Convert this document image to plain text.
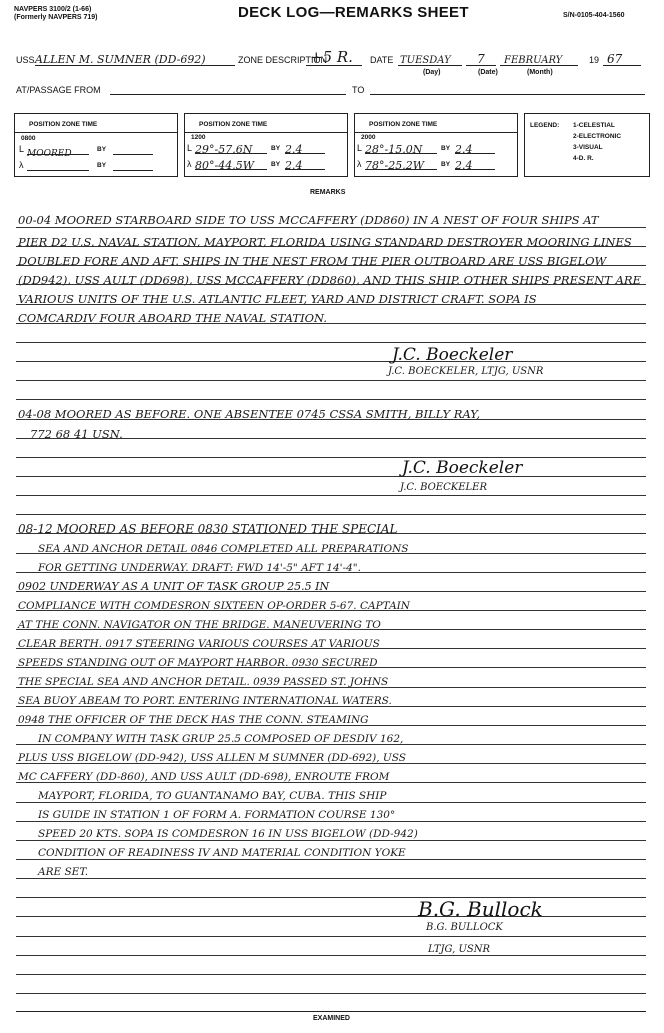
NAVPERS 3100/2 (1-66)
(Formerly NAVPERS 719)	DECK LOG—REMARKS SHEET	S/N-0105-404-1560
USS ALLEN M. SUMNER (DD-692)	ZONE DESCRIPTION
+5 R.	DATE TUESDAY	7	FEBRUARY	19 67
(Day)	(Date)	(Month)
AT/PASSAGE FROM	TO
POSITION ZONE TIME
0800
L MOORED	BY
λ	BY
POSITION ZONE TIME
1200
L 29°-57.6N	BY 2.4
λ 80°-44.5W	BY 2.4
POSITION ZONE TIME
2000
L 28°-15.0N	BY 2.4
λ 78°-25.2W	BY 2.4
LEGEND: 1-CELESTIAL
2-ELECTRONIC
3-VISUAL
4-D. R.
REMARKS
00-04 MOORED STARBOARD SIDE TO USS MCCAFFERY (DD860) IN A NEST OF FOUR SHIPS AT
PIER D2 U.S. NAVAL STATION, MAYPORT, FLORIDA USING STANDARD DESTROYER MOORING LINES
DOUBLED FORE AND AFT. SHIPS IN THE NEST FROM THE PIER OUTBOARD ARE USS BIGELOW
(DD942), USS AULT (DD698), USS MCCAFFERY (DD860), AND THIS SHIP. OTHER SHIPS PRESENT ARE
VARIOUS UNITS OF THE U.S. ATLANTIC FLEET, YARD AND DISTRICT CRAFT. SOPA IS
COMCARDIV FOUR ABOARD THE NAVAL STATION.
J.C. Boeckeler
J.C. BOECKELER, LTJG, USNR
04-08 MOORED AS BEFORE. ONE ABSENTEE 0745 CSSA SMITH, BILLY RAY,
772 68 41 USN.
J.C. Boeckeler
J.C. BOECKELER
08-12 MOORED AS BEFORE 0830 STATIONED THE SPECIAL
SEA AND ANCHOR DETAIL 0846 COMPLETED ALL PREPARATIONS
FOR GETTING UNDERWAY. DRAFT: FWD 14'-5" AFT 14'-4".
0902 UNDERWAY AS A UNIT OF TASK GROUP 25.5 IN
COMPLIANCE WITH COMDESRON SIXTEEN OP-ORDER 5-67. CAPTAIN
AT THE CONN. NAVIGATOR ON THE BRIDGE. MANEUVERING TO
CLEAR BERTH. 0917 STEERING VARIOUS COURSES AT VARIOUS
SPEEDS STANDING OUT OF MAYPORT HARBOR. 0930 SECURED
THE SPECIAL SEA AND ANCHOR DETAIL. 0939 PASSED ST. JOHNS
SEA BUOY ABEAM TO PORT. ENTERING INTERNATIONAL WATERS.
0948 THE OFFICER OF THE DECK HAS THE CONN. STEAMING
IN COMPANY WITH TASK GRUP 25.5 COMPOSED OF DESDIV 162,
PLUS USS BIGELOW (DD-942), USS ALLEN M SUMNER (DD-692), USS
MC CAFFERY (DD-860), AND USS AULT (DD-698), ENROUTE FROM
MAYPORT, FLORIDA, TO GUANTANAMO BAY, CUBA. THIS SHIP
IS GUIDE IN STATION 1 OF FORM A. FORMATION COURSE 130°
SPEED 20 KTS. SOPA IS COMDESRON 16 IN USS BIGELOW (DD-942)
CONDITION OF READINESS IV AND MATERIAL CONDITION YOKE
ARE SET.
B.G. Bullock
B.G. BULLOCK
LTJG, USNR
EXAMINED
